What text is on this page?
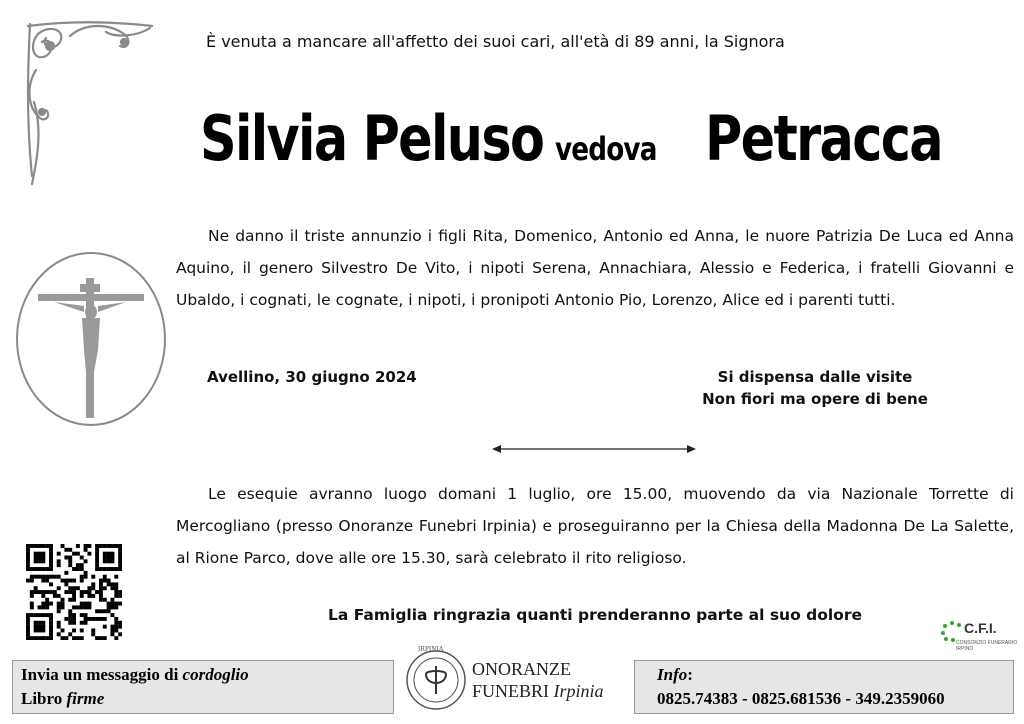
È venuta a mancare all'affetto dei suoi cari, all'età di 89 anni, la Signora
Silvia Peluso vedova Petracca

Ne danno il triste annunzio i figli Rita, Domenico, Antonio ed Anna, le nuore Patrizia De Luca ed Anna Aquino, il genero Silvestro De Vito, i nipoti Serena, Annachiara, Alessio e Federica, i fratelli Giovanni e Ubaldo, i cognati, le cognate, i nipoti, i pronipoti Antonio Pio, Lorenzo, Alice ed i parenti tutti.

Avellino, 30 giugno 2024	Si dispensa dalle visite
Non fiori ma opere di bene

Le esequie avranno luogo domani 1 luglio, ore 15.00, muovendo da via Nazionale Torrette di Mercogliano (presso Onoranze Funebri Irpinia) e proseguiranno per la Chiesa della Madonna De La Salette, al Rione Parco, dove alle ore 15.30, sarà celebrato il rito religioso.

La Famiglia ringrazia quanti prenderanno parte al suo dolore
C.F.I.
CONSORZIO FUNERARIO IRPINO
Invia un messaggio di cordoglio
Libro firme
IRPINIA
ONORANZE
FUNEBRI Irpinia
Info:
0825.74383 - 0825.681536 - 349.2359060
